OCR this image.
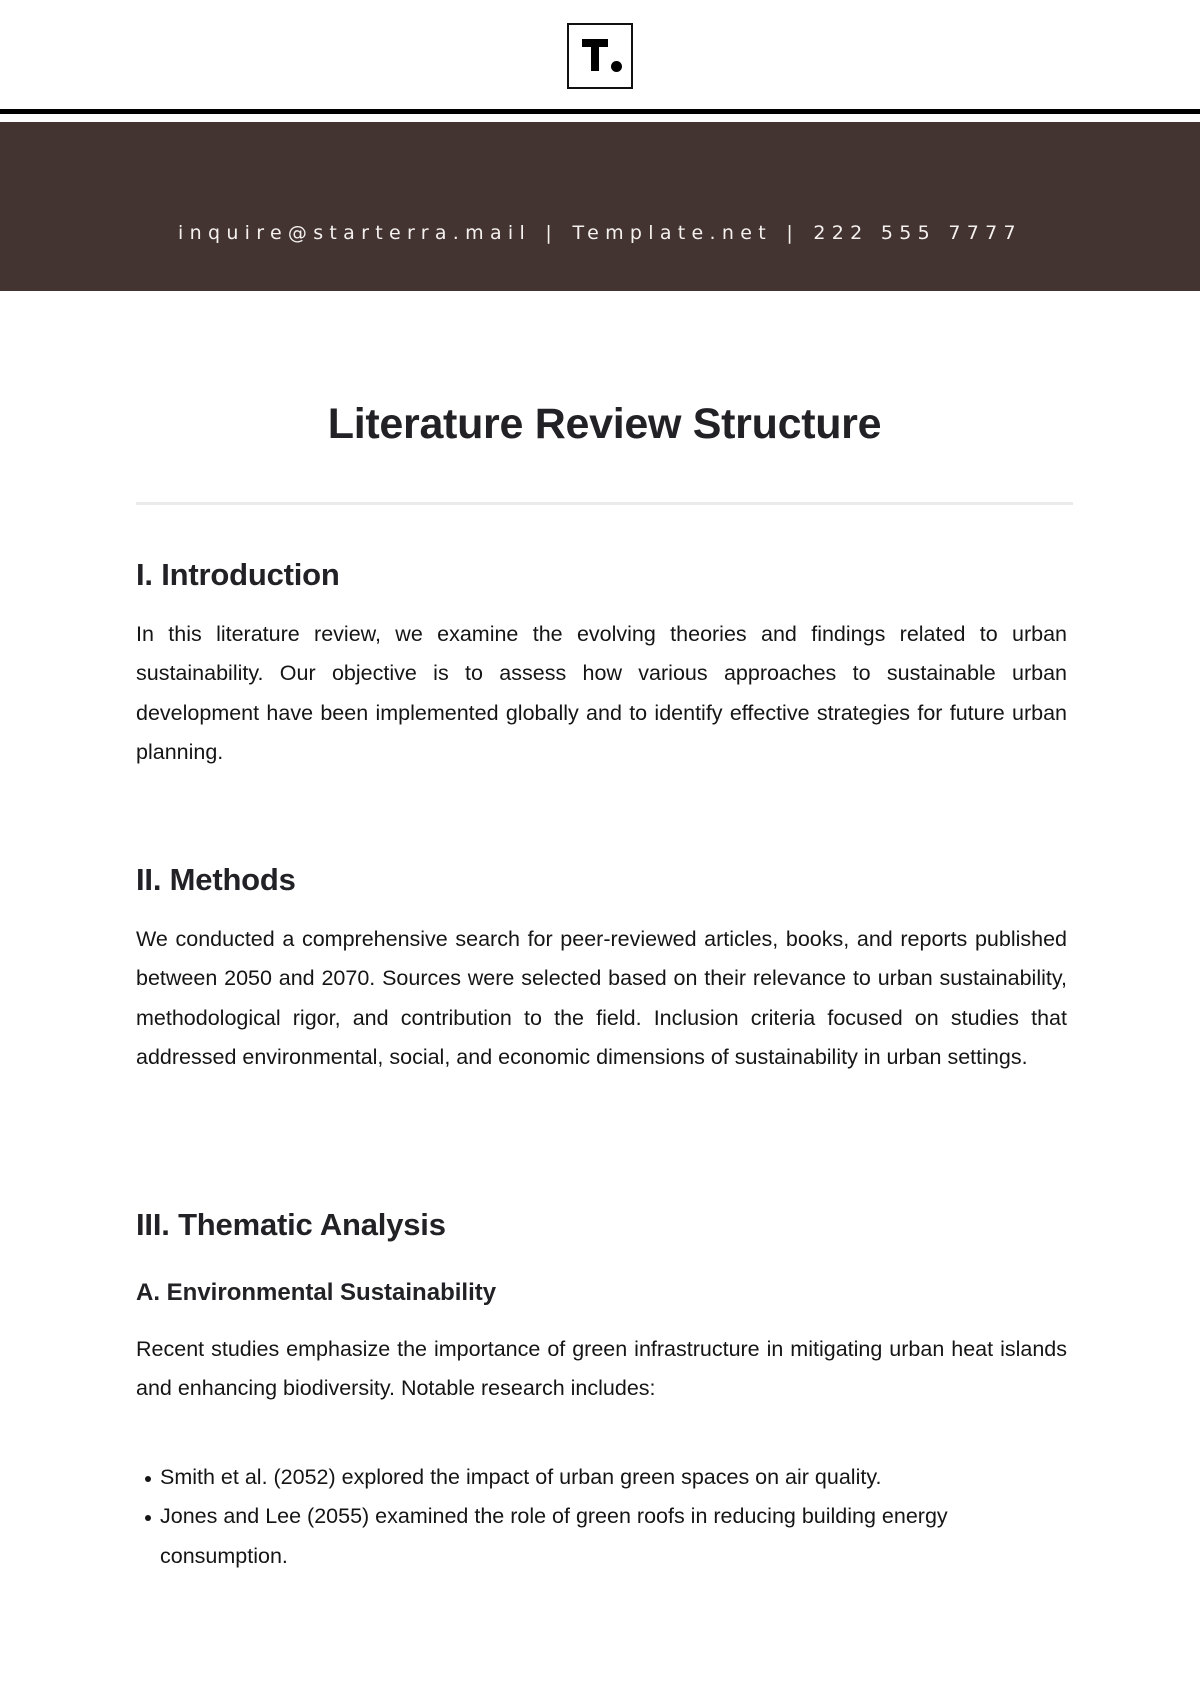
inquire@starterra.mail | Template.net | 222 555 7777
Literature Review Structure
I. Introduction

In this literature review, we examine the evolving theories and findings related to urban sustainability. Our objective is to assess how various approaches to sustainable urban development have been implemented globally and to identify effective strategies for future urban planning.

II. Methods

We conducted a comprehensive search for peer-reviewed articles, books, and reports published between 2050 and 2070. Sources were selected based on their relevance to urban sustainability, methodological rigor, and contribution to the field. Inclusion criteria focused on studies that addressed environmental, social, and economic dimensions of sustainability in urban settings.

III. Thematic Analysis
A. Environmental Sustainability

Recent studies emphasize the importance of green infrastructure in mitigating urban heat islands and enhancing biodiversity. Notable research includes:

Smith et al. (2052) explored the impact of urban green spaces on air quality.
Jones and Lee (2055) examined the role of green roofs in reducing building energy consumption.
